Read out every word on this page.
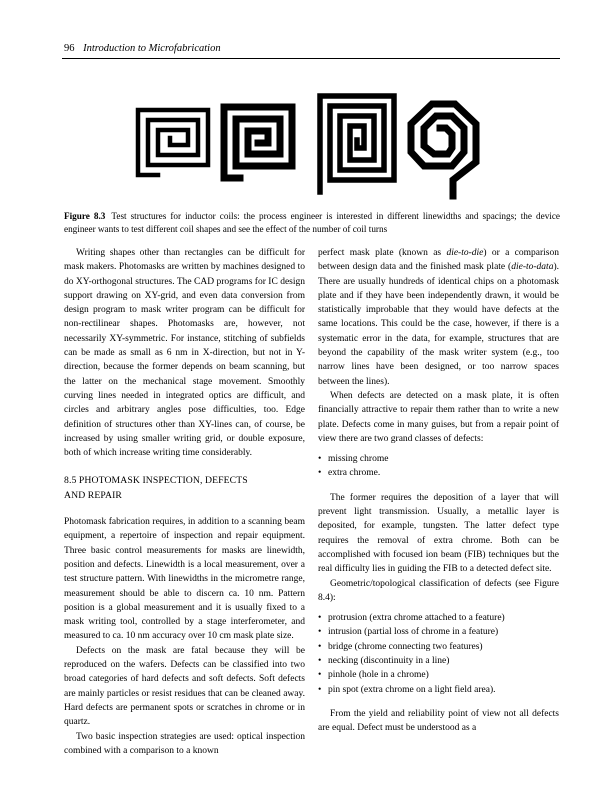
96 Introduction to Microfabrication
Figure 8.3 Test structures for inductor coils: the process engineer is interested in different linewidths and spacings; the device engineer wants to test different coil shapes and see the effect of the number of coil turns

Writing shapes other than rectangles can be difficult for mask makers. Photomasks are written by machines designed to do XY-orthogonal structures. The CAD programs for IC design support drawing on XY-grid, and even data conversion from design program to mask writer program can be difficult for non-rectilinear shapes. Photomasks are, however, not necessarily XY-symmetric. For instance, stitching of subfields can be made as small as 6 nm in X-direction, but not in Y-direction, because the former depends on beam scanning, but the latter on the mechanical stage movement. Smoothly curving lines needed in integrated optics are difficult, and circles and arbitrary angles pose difficulties, too. Edge definition of structures other than XY-lines can, of course, be increased by using smaller writing grid, or double exposure, both of which increase writing time considerably.

8.5 PHOTOMASK INSPECTION, DEFECTS
AND REPAIR

Photomask fabrication requires, in addition to a scanning beam equipment, a repertoire of inspection and repair equipment. Three basic control measurements for masks are linewidth, position and defects. Linewidth is a local measurement, over a test structure pattern. With linewidths in the micrometre range, measurement should be able to discern ca. 10 nm. Pattern position is a global measurement and it is usually fixed to a mask writing tool, controlled by a stage interferometer, and measured to ca. 10 nm accuracy over 10 cm mask plate size.

Defects on the mask are fatal because they will be reproduced on the wafers. Defects can be classified into two broad categories of hard defects and soft defects. Soft defects are mainly particles or resist residues that can be cleaned away. Hard defects are permanent spots or scratches in chrome or in quartz.

Two basic inspection strategies are used: optical inspection combined with a comparison to a known

perfect mask plate (known as die-to-die) or a comparison between design data and the finished mask plate (die-to-data). There are usually hundreds of identical chips on a photomask plate and if they have been independently drawn, it would be statistically improbable that they would have defects at the same locations. This could be the case, however, if there is a systematic error in the data, for example, structures that are beyond the capability of the mask writer system (e.g., too narrow lines have been designed, or too narrow spaces between the lines).

When defects are detected on a mask plate, it is often financially attractive to repair them rather than to write a new plate. Defects come in many guises, but from a repair point of view there are two grand classes of defects:

• missing chrome
• extra chrome.

The former requires the deposition of a layer that will prevent light transmission. Usually, a metallic layer is deposited, for example, tungsten. The latter defect type requires the removal of extra chrome. Both can be accomplished with focused ion beam (FIB) techniques but the real difficulty lies in guiding the FIB to a detected defect site.

Geometric/topological classification of defects (see Figure 8.4):

• protrusion (extra chrome attached to a feature)
• intrusion (partial loss of chrome in a feature)
• bridge (chrome connecting two features)
• necking (discontinuity in a line)
• pinhole (hole in a chrome)
• pin spot (extra chrome on a light field area).

From the yield and reliability point of view not all defects are equal. Defect must be understood as a
